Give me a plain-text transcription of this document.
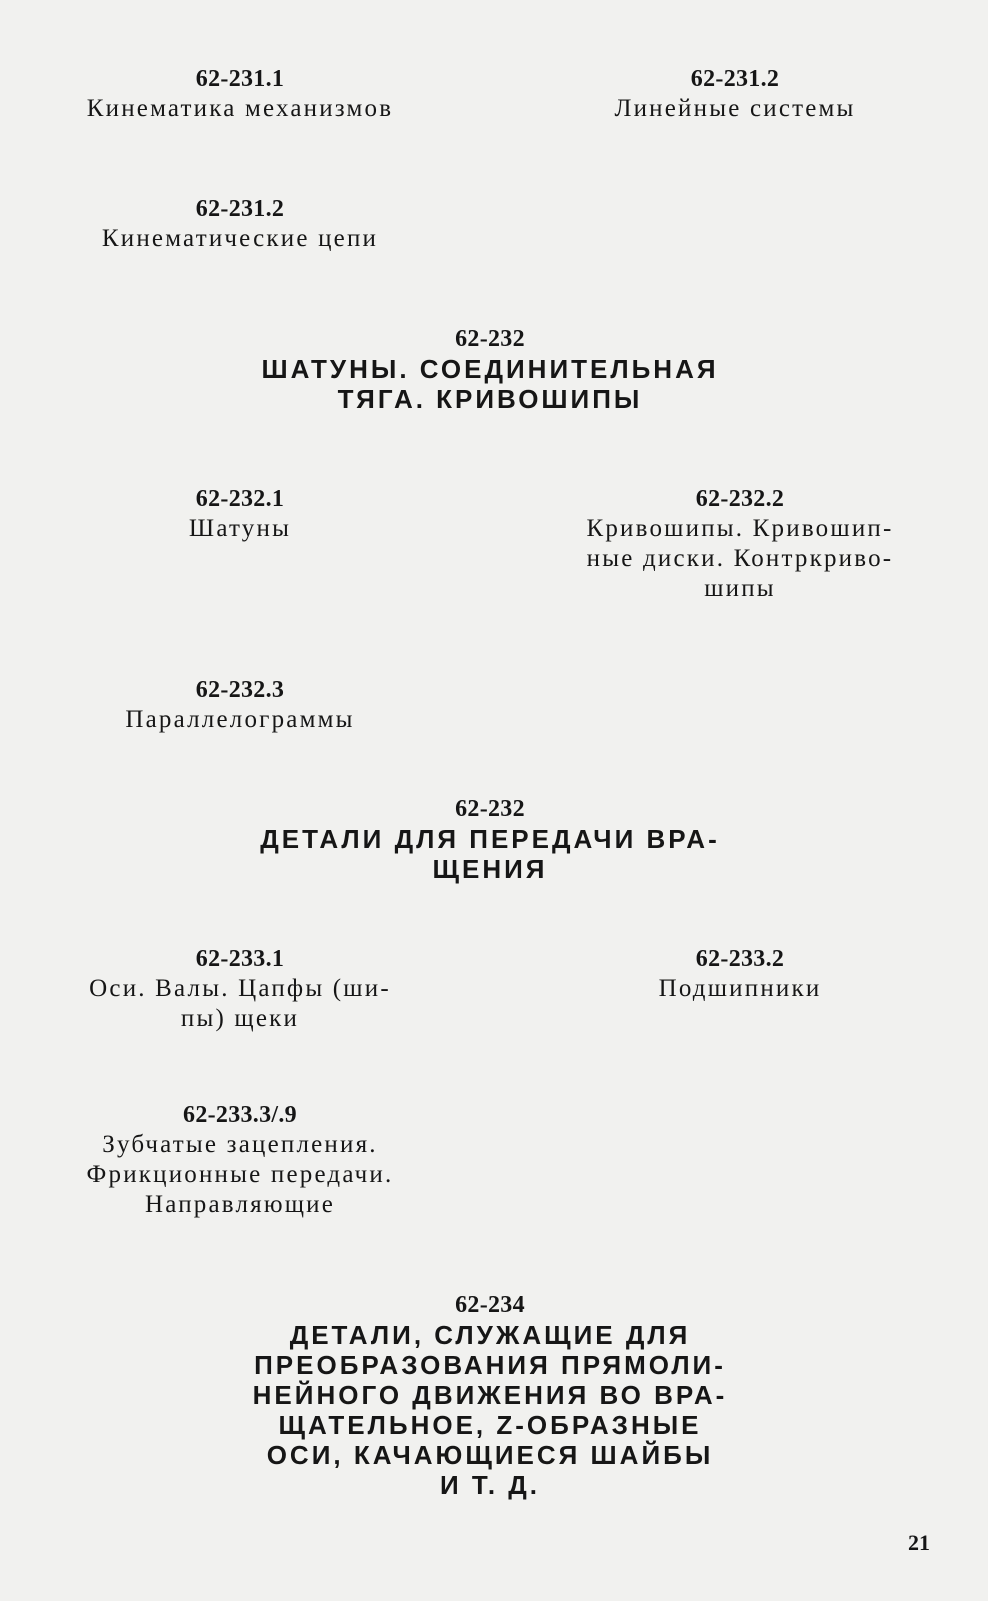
62-231.1
Кинематика механизмов
62-231.2
Линейные системы
62-231.2
Кинематические цепи
62-232
ШАТУНЫ. СОЕДИНИТЕЛЬНАЯ
ТЯГА. КРИВОШИПЫ
62-232.1
Шатуны
62-232.2
Кривошипы. Кривошип-
ные диски. Контркриво-
шипы
62-232.3
Параллелограммы
62-232
ДЕТАЛИ ДЛЯ ПЕРЕДАЧИ ВРА-
ЩЕНИЯ
62-233.1
Оси. Валы. Цапфы (ши-
пы) щеки
62-233.2
Подшипники
62-233.3/.9
Зубчатые зацепления.
Фрикционные передачи.
Направляющие
62-234
ДЕТАЛИ, СЛУЖАЩИЕ ДЛЯ
ПРЕОБРАЗОВАНИЯ ПРЯМОЛИ-
НЕЙНОГО ДВИЖЕНИЯ ВО ВРА-
ЩАТЕЛЬНОЕ, Z-ОБРАЗНЫЕ
ОСИ, КАЧАЮЩИЕСЯ ШАЙБЫ
И Т. Д.
21
